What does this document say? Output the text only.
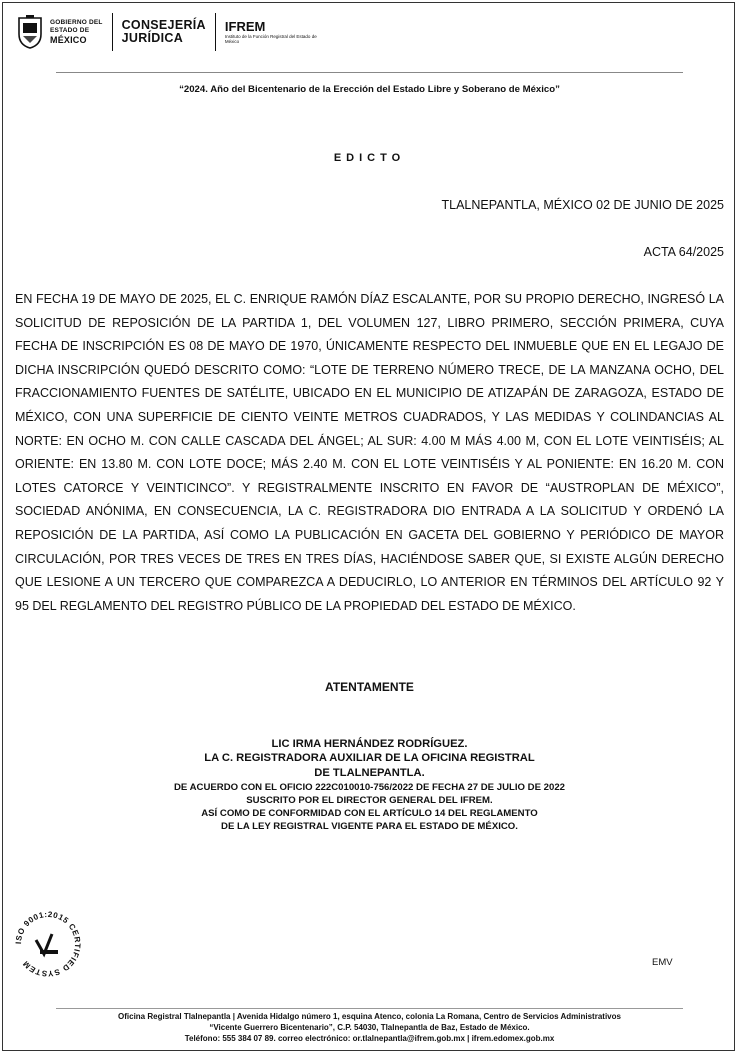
GOBIERNO DEL
ESTADO DE
MÉXICO
CONSEJERÍA
JURÍDICA
IFREM
Instituto de la Función Registral del Estado de México
“2024. Año del Bicentenario de la Erección del Estado Libre y Soberano de México”
EDICTO
TLALNEPANTLA, MÉXICO 02 DE JUNIO DE 2025
ACTA 64/2025
EN FECHA 19 DE MAYO DE 2025, EL C. ENRIQUE RAMÓN DÍAZ ESCALANTE, POR SU PROPIO DERECHO, INGRESÓ LA SOLICITUD DE REPOSICIÓN DE LA PARTIDA 1, DEL VOLUMEN 127, LIBRO PRIMERO, SECCIÓN PRIMERA, CUYA FECHA DE INSCRIPCIÓN ES 08 DE MAYO DE 1970, ÚNICAMENTE RESPECTO DEL INMUEBLE QUE EN EL LEGAJO DE DICHA INSCRIPCIÓN QUEDÓ DESCRITO COMO: “LOTE DE TERRENO NÚMERO TRECE, DE LA MANZANA OCHO, DEL FRACCIONAMIENTO FUENTES DE SATÉLITE, UBICADO EN EL MUNICIPIO DE ATIZAPÁN DE ZARAGOZA, ESTADO DE MÉXICO, CON UNA SUPERFICIE DE CIENTO VEINTE METROS CUADRADOS, Y LAS MEDIDAS Y COLINDANCIAS AL NORTE: EN OCHO M. CON CALLE CASCADA DEL ÁNGEL; AL SUR: 4.00 M MÁS 4.00 M, CON EL LOTE VEINTISÉIS; AL ORIENTE: EN 13.80 M. CON LOTE DOCE; MÁS 2.40 M. CON EL LOTE VEINTISÉIS Y AL PONIENTE: EN 16.20 M. CON LOTES CATORCE Y VEINTICINCO”. Y REGISTRALMENTE INSCRITO EN FAVOR DE “AUSTROPLAN DE MÉXICO”, SOCIEDAD ANÓNIMA, EN CONSECUENCIA, LA C. REGISTRADORA DIO ENTRADA A LA SOLICITUD Y ORDENÓ LA REPOSICIÓN DE LA PARTIDA, ASÍ COMO LA PUBLICACIÓN EN GACETA DEL GOBIERNO Y PERIÓDICO DE MAYOR CIRCULACIÓN, POR TRES VECES DE TRES EN TRES DÍAS, HACIÉNDOSE SABER QUE, SI EXISTE ALGÚN DERECHO QUE LESIONE A UN TERCERO QUE COMPAREZCA A DEDUCIRLO, LO ANTERIOR EN TÉRMINOS DEL ARTÍCULO 92 Y 95 DEL REGLAMENTO DEL REGISTRO PÚBLICO DE LA PROPIEDAD DEL ESTADO DE MÉXICO.
ATENTAMENTE
LIC IRMA HERNÁNDEZ RODRÍGUEZ.
LA C. REGISTRADORA AUXILIAR DE LA OFICINA REGISTRAL
DE TLALNEPANTLA.
DE ACUERDO CON EL OFICIO 222C010010-756/2022 DE FECHA 27 DE JULIO DE 2022
SUSCRITO POR EL DIRECTOR GENERAL DEL IFREM.
ASÍ COMO DE CONFORMIDAD CON EL ARTÍCULO 14 DEL REGLAMENTO
DE LA LEY REGISTRAL VIGENTE PARA EL ESTADO DE MÉXICO.
ISO 9001:2015 CERTIFIED SYSTEM	EMV
Oficina Registral Tlalnepantla | Avenida Hidalgo número 1, esquina Atenco, colonia La Romana, Centro de Servicios Administrativos
“Vicente Guerrero Bicentenario”, C.P. 54030, Tlalnepantla de Baz, Estado de México.
Teléfono: 555 384 07 89. correo electrónico: or.tlalnepantla@ifrem.gob.mx | ifrem.edomex.gob.mx
